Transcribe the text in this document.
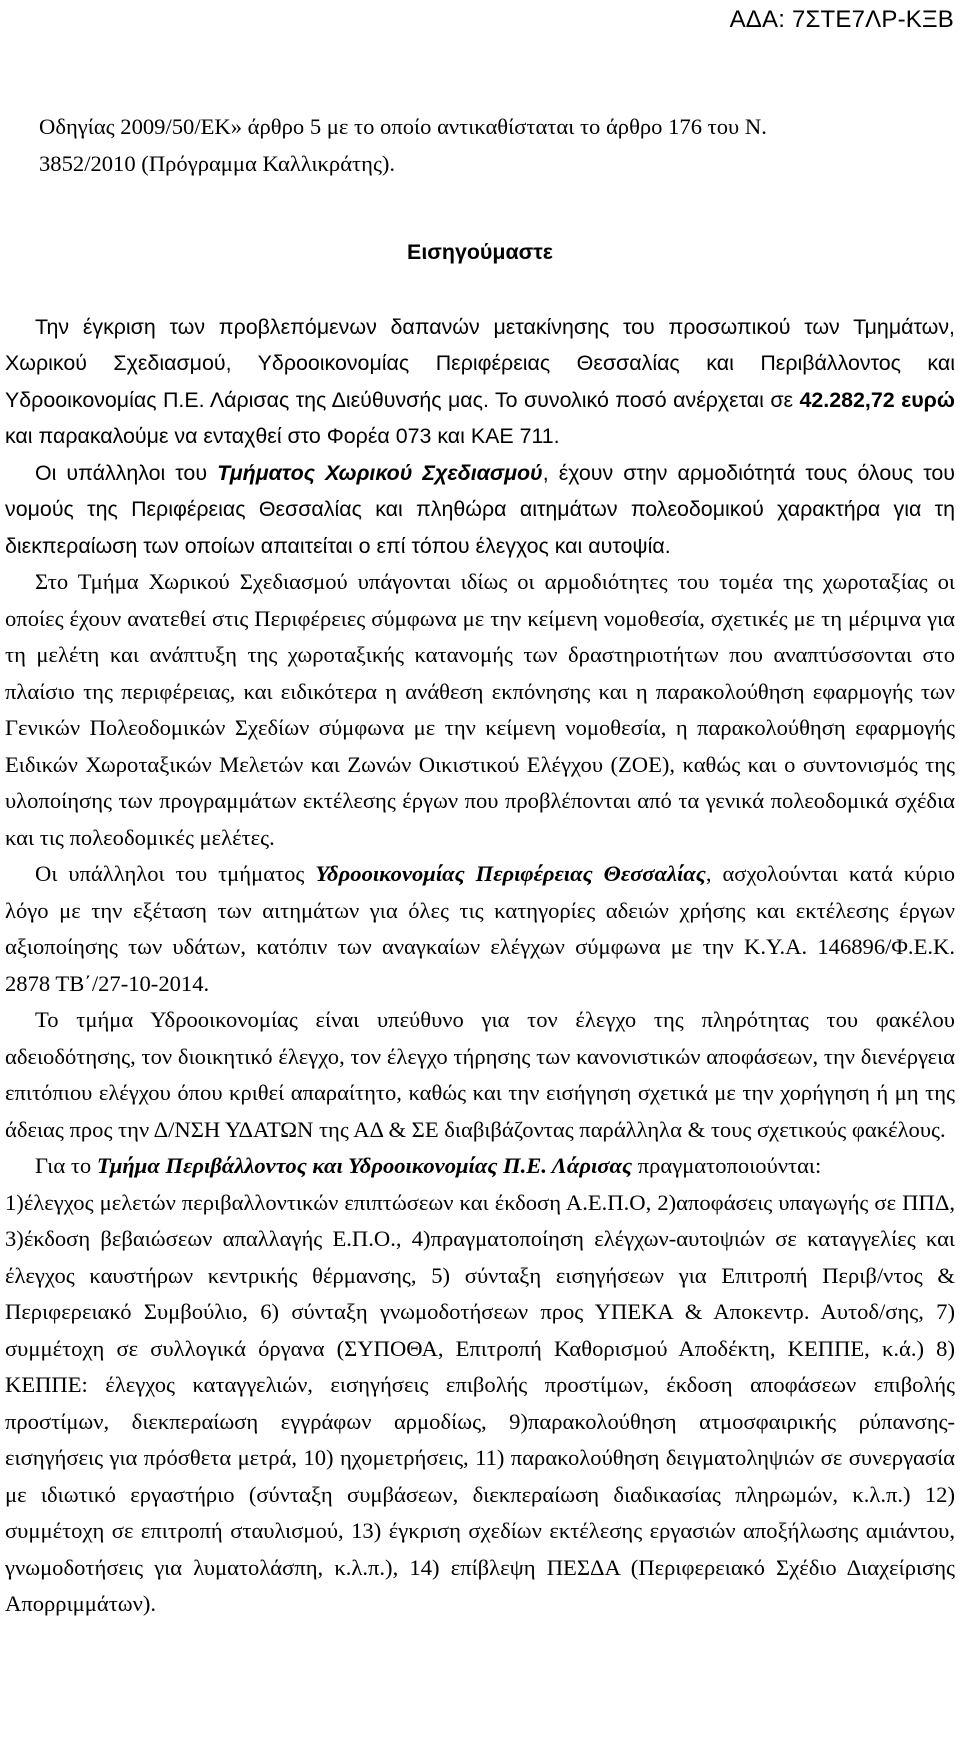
ΑΔΑ: 7ΣΤΕ7ΛΡ-ΚΞΒ

Οδηγίας 2009/50/ΕΚ» άρθρο 5 με το οποίο αντικαθίσταται το άρθρο 176 του Ν.

3852/2010 (Πρόγραμμα Καλλικράτης).

Εισηγούμαστε

Την έγκριση των προβλεπόμενων δαπανών μετακίνησης του προσωπικού των Τμημάτων, Χωρικού Σχεδιασμού, Υδροοικονομίας Περιφέρειας Θεσσαλίας και Περιβάλλοντος και Υδροοικονομίας Π.Ε. Λάρισας της Διεύθυνσής μας. Το συνολικό ποσό ανέρχεται σε 42.282,72 ευρώ και παρακαλούμε να ενταχθεί στο Φορέα 073 και ΚΑΕ 711.

Οι υπάλληλοι του Τμήματος Χωρικού Σχεδιασμού, έχουν στην αρμοδιότητά τους όλους του νομούς της Περιφέρειας Θεσσαλίας και πληθώρα αιτημάτων πολεοδομικού χαρακτήρα για τη διεκπεραίωση των οποίων απαιτείται ο επί τόπου έλεγχος και αυτοψία.

Στο Τμήμα Χωρικού Σχεδιασμού υπάγονται ιδίως οι αρμοδιότητες του τομέα της χωροταξίας οι οποίες έχουν ανατεθεί στις Περιφέρειες σύμφωνα με την κείμενη νομοθεσία, σχετικές με τη μέριμνα για τη μελέτη και ανάπτυξη της χωροταξικής κατανομής των δραστηριοτήτων που αναπτύσσονται στο πλαίσιο της περιφέρειας, και ειδικότερα η ανάθεση εκπόνησης και η παρακολούθηση εφαρμογής των Γενικών Πολεοδομικών Σχεδίων σύμφωνα με την κείμενη νομοθεσία, η παρακολούθηση εφαρμογής Ειδικών Χωροταξικών Μελετών και Ζωνών Οικιστικού Ελέγχου (ΖΟΕ), καθώς και ο συντονισμός της υλοποίησης των προγραμμάτων εκτέλεσης έργων που προβλέπονται από τα γενικά πολεοδομικά σχέδια και τις πολεοδομικές μελέτες.

Οι υπάλληλοι του τμήματος Υδροοικονομίας Περιφέρειας Θεσσαλίας, ασχολούνται κατά κύριο λόγο με την εξέταση των αιτημάτων για όλες τις κατηγορίες αδειών χρήσης και εκτέλεσης έργων αξιοποίησης των υδάτων, κατόπιν των αναγκαίων ελέγχων σύμφωνα με την Κ.Υ.Α. 146896/Φ.Ε.Κ. 2878 ΤΒ΄/27-10-2014.

Το τμήμα Υδροοικονομίας είναι υπεύθυνο για τον έλεγχο της πληρότητας του φακέλου αδειοδότησης, τον διοικητικό έλεγχο, τον έλεγχο τήρησης των κανονιστικών αποφάσεων, την διενέργεια επιτόπιου ελέγχου όπου κριθεί απαραίτητο, καθώς και την εισήγηση σχετικά με την χορήγηση ή μη της άδειας προς την Δ/ΝΣΗ ΥΔΑΤΩΝ της ΑΔ & ΣΕ διαβιβάζοντας παράλληλα & τους σχετικούς φακέλους.

Για το Τμήμα Περιβάλλοντος και Υδροοικονομίας Π.Ε. Λάρισας πραγματοποιούνται:

1)έλεγχος μελετών περιβαλλοντικών επιπτώσεων και έκδοση Α.Ε.Π.Ο, 2)αποφάσεις υπαγωγής σε ΠΠΔ, 3)έκδοση βεβαιώσεων απαλλαγής Ε.Π.Ο., 4)πραγματοποίηση ελέγχων-αυτοψιών σε καταγγελίες και έλεγχος καυστήρων κεντρικής θέρμανσης, 5) σύνταξη εισηγήσεων για Επιτροπή Περιβ/ντος & Περιφερειακό Συμβούλιο, 6) σύνταξη γνωμοδοτήσεων προς ΥΠΕΚΑ & Αποκεντρ. Αυτοδ/σης, 7) συμμέτοχη σε συλλογικά όργανα (ΣΥΠΟΘΑ, Επιτροπή Καθορισμού Αποδέκτη, ΚΕΠΠΕ, κ.ά.) 8) ΚΕΠΠΕ: έλεγχος καταγγελιών, εισηγήσεις επιβολής προστίμων, έκδοση αποφάσεων επιβολής προστίμων, διεκπεραίωση εγγράφων αρμοδίως, 9)παρακολούθηση ατμοσφαιρικής ρύπανσης- εισηγήσεις για πρόσθετα μετρά, 10) ηχομετρήσεις, 11) παρακολούθηση δειγματοληψιών σε συνεργασία με ιδιωτικό εργαστήριο (σύνταξη συμβάσεων, διεκπεραίωση διαδικασίας πληρωμών, κ.λ.π.) 12) συμμέτοχη σε επιτροπή σταυλισμού, 13) έγκριση σχεδίων εκτέλεσης εργασιών αποξήλωσης αμιάντου, γνωμοδοτήσεις για λυματολάσπη, κ.λ.π.), 14) επίβλεψη ΠΕΣΔΑ (Περιφερειακό Σχέδιο Διαχείρισης Απορριμμάτων).
